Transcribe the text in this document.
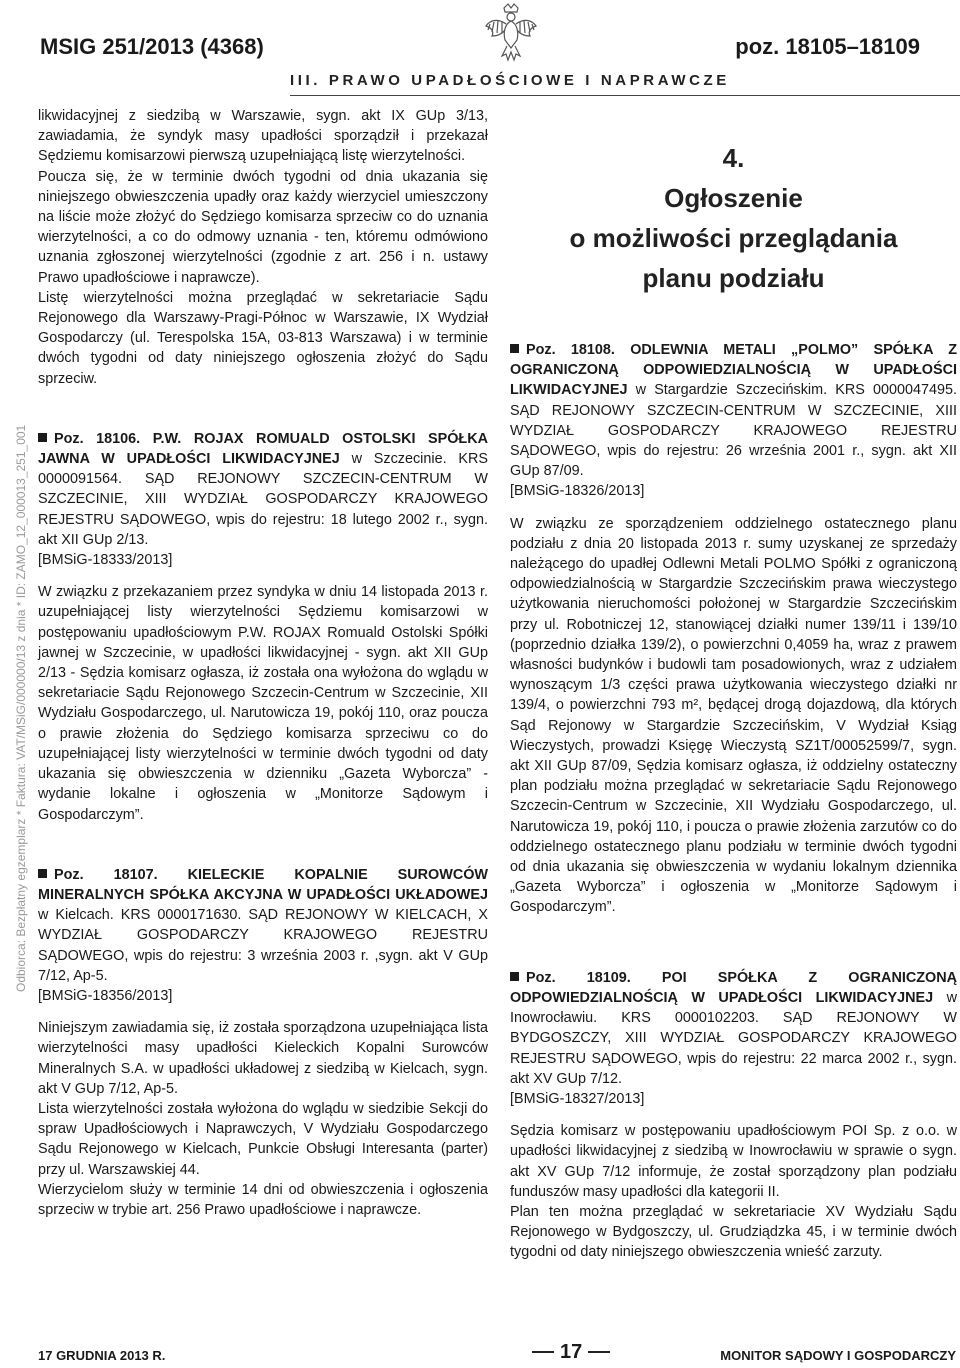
MSIG 251/2013 (4368)	poz. 18105–18109
III. PRAWO UPADŁOŚCIOWE I NAPRAWCZE
Odbiorca: Bezpłatny egzemplarz * Faktura: VAT/MSiG/000000/13 z dnia * ID: ZAMO_12_000013_251_001

likwidacyjnej z siedzibą w Warszawie, sygn. akt IX GUp 3/13, zawiadamia, że syndyk masy upadłości sporządził i przekazał Sędziemu komisarzowi pierwszą uzupełniającą listę wierzytelności.

Poucza się, że w terminie dwóch tygodni od dnia ukazania się niniejszego obwieszczenia upadły oraz każdy wierzyciel umieszczony na liście może złożyć do Sędziego komisarza sprzeciw co do uznania wierzytelności, a co do odmowy uznania - ten, któremu odmówiono uznania zgłoszonej wierzytelności (zgodnie z art. 256 i n. ustawy Prawo upadłościowe i naprawcze).

Listę wierzytelności można przeglądać w sekretariacie Sądu Rejonowego dla Warszawy-Pragi-Północ w Warszawie, IX Wydział Gospodarczy (ul. Terespolska 15A, 03-813 Warszawa) i w terminie dwóch tygodni od daty niniejszego ogłoszenia złożyć do Sądu sprzeciw.

Poz. 18106. P.W. ROJAX ROMUALD OSTOLSKI SPÓŁKA JAWNA W UPADŁOŚCI LIKWIDACYJNEJ w Szczecinie. KRS 0000091564. SĄD REJONOWY SZCZECIN-CENTRUM W SZCZECINIE, XIII WYDZIAŁ GOSPODARCZY KRAJOWEGO REJESTRU SĄDOWEGO, wpis do rejestru: 18 lutego 2002 r., sygn. akt XII GUp 2/13.

[BMSiG-18333/2013]

W związku z przekazaniem przez syndyka w dniu 14 listopada 2013 r. uzupełniającej listy wierzytelności Sędziemu komisarzowi w postępowaniu upadłościowym P.W. ROJAX Romuald Ostolski Spółki jawnej w Szczecinie, w upadłości likwidacyjnej - sygn. akt XII GUp 2/13 - Sędzia komisarz ogłasza, iż została ona wyłożona do wglądu w sekretariacie Sądu Rejonowego Szczecin-Centrum w Szczecinie, XII Wydziału Gospodarczego, ul. Narutowicza 19, pokój 110, oraz poucza o prawie złożenia do Sędziego komisarza sprzeciwu co do uzupełniającej listy wierzytelności w terminie dwóch tygodni od daty ukazania się obwieszczenia w dzienniku „Gazeta Wyborcza” - wydanie lokalne i ogłoszenia w „Monitorze Sądowym i Gospodarczym”.

Poz. 18107. KIELECKIE KOPALNIE SUROWCÓW MINERALNYCH SPÓŁKA AKCYJNA W UPADŁOŚCI UKŁADOWEJ w Kielcach. KRS 0000171630. SĄD REJONOWY W KIELCACH, X WYDZIAŁ GOSPODARCZY KRAJOWEGO REJESTRU SĄDOWEGO, wpis do rejestru: 3 września 2003 r. ,sygn. akt V GUp 7/12, Ap-5.

[BMSiG-18356/2013]

Niniejszym zawiadamia się, iż została sporządzona uzupełniająca lista wierzytelności masy upadłości Kieleckich Kopalni Surowców Mineralnych S.A. w upadłości układowej z siedzibą w Kielcach, sygn. akt V GUp 7/12, Ap-5.

Lista wierzytelności została wyłożona do wglądu w siedzibie Sekcji do spraw Upadłościowych i Naprawczych, V Wydziału Gospodarczego Sądu Rejonowego w Kielcach, Punkcie Obsługi Interesanta (parter) przy ul. Warszawskiej 44.

Wierzycielom służy w terminie 14 dni od obwieszczenia i ogłoszenia sprzeciw w trybie art. 256 Prawo upadłościowe i naprawcze.

4.
Ogłoszenie
o możliwości przeglądania
planu podziału

Poz. 18108. ODLEWNIA METALI „POLMO” SPÓŁKA Z OGRANICZONĄ ODPOWIEDZIALNOŚCIĄ W UPADŁOŚCI LIKWIDACYJNEJ w Stargardzie Szczecińskim. KRS 0000047495. SĄD REJONOWY SZCZECIN-CENTRUM W SZCZECINIE, XIII WYDZIAŁ GOSPODARCZY KRAJOWEGO REJESTRU SĄDOWEGO, wpis do rejestru: 26 września 2001 r., sygn. akt XII GUp 87/09.

[BMSiG-18326/2013]

W związku ze sporządzeniem oddzielnego ostatecznego planu podziału z dnia 20 listopada 2013 r. sumy uzyskanej ze sprzedaży należącego do upadłej Odlewni Metali POLMO Spółki z ograniczoną odpowiedzialnością w Stargardzie Szczecińskim prawa wieczystego użytkowania nieruchomości położonej w Stargardzie Szczecińskim przy ul. Robotniczej 12, stanowiącej działki numer 139/11 i 139/10 (poprzednio działka 139/2), o powierzchni 0,4059 ha, wraz z prawem własności budynków i budowli tam posadowionych, wraz z udziałem wynoszącym 1/3 części prawa użytkowania wieczystego działki nr 139/4, o powierzchni 793 m², będącej drogą dojazdową, dla których Sąd Rejonowy w Stargardzie Szczecińskim, V Wydział Ksiąg Wieczystych, prowadzi Księgę Wieczystą SZ1T/00052599/7, sygn. akt XII GUp 87/09, Sędzia komisarz ogłasza, iż oddzielny ostateczny plan podziału można przeglądać w sekretariacie Sądu Rejonowego Szczecin-Centrum w Szczecinie, XII Wydziału Gospodarczego, ul. Narutowicza 19, pokój 110, i poucza o prawie złożenia zarzutów co do oddzielnego ostatecznego planu podziału w terminie dwóch tygodni od dnia ukazania się obwieszczenia w wydaniu lokalnym dziennika „Gazeta Wyborcza” i ogłoszenia w „Monitorze Sądowym i Gospodarczym”.

Poz. 18109. POI SPÓŁKA Z OGRANICZONĄ ODPOWIEDZIALNOŚCIĄ W UPADŁOŚCI LIKWIDACYJNEJ w Inowrocławiu. KRS 0000102203. SĄD REJONOWY W BYDGOSZCZY, XIII WYDZIAŁ GOSPODARCZY KRAJOWEGO REJESTRU SĄDOWEGO, wpis do rejestru: 22 marca 2002 r., sygn. akt XV GUp 7/12.

[BMSiG-18327/2013]

Sędzia komisarz w postępowaniu upadłościowym POI Sp. z o.o. w upadłości likwidacyjnej z siedzibą w Inowrocławiu w sprawie o sygn. akt XV GUp 7/12 informuje, że został sporządzony plan podziału funduszów masy upadłości dla kategorii II.

Plan ten można przeglądać w sekretariacie XV Wydziału Sądu Rejonowego w Bydgoszczy, ul. Grudziądzka 45, i w terminie dwóch tygodni od daty niniejszego obwieszczenia wnieść zarzuty.

17 GRUDNIA 2013 R.	17	MONITOR SĄDOWY I GOSPODARCZY
